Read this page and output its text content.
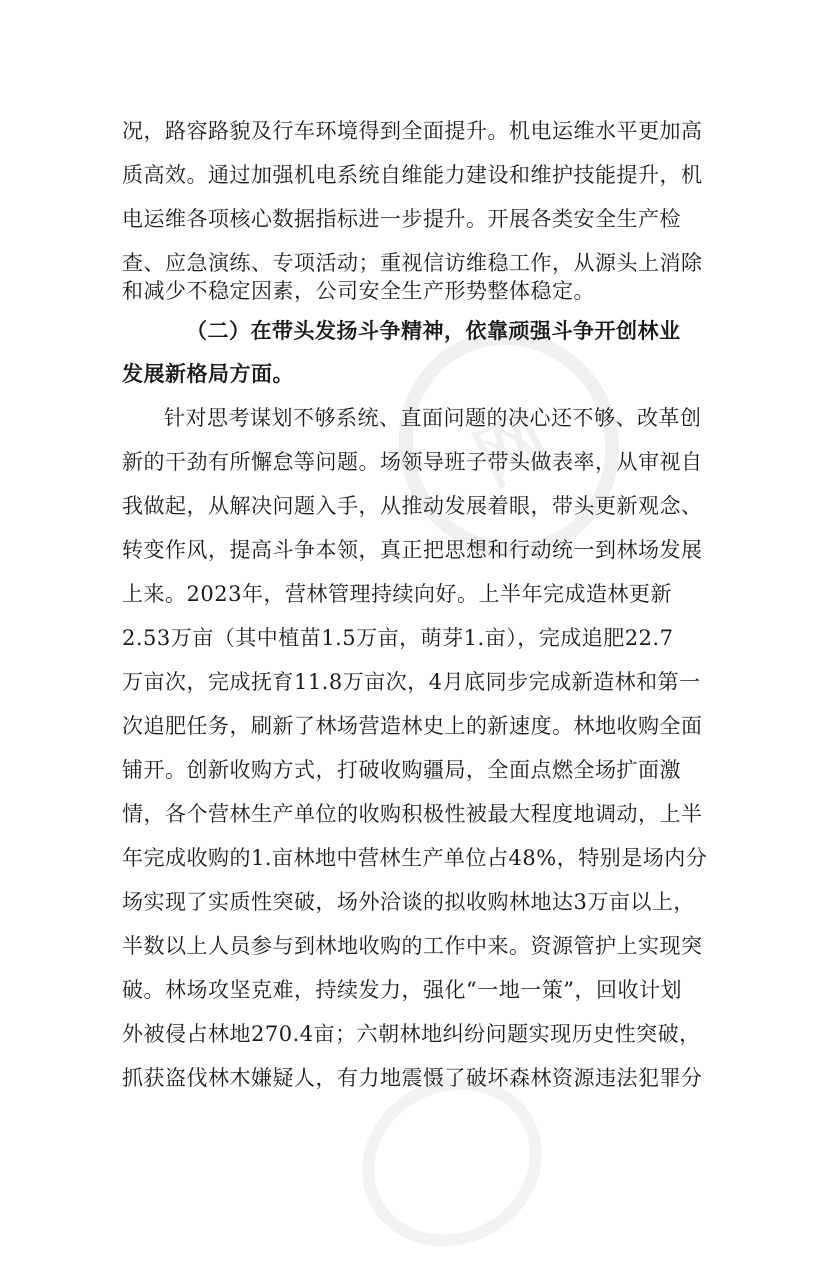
网
况，路容路貌及行车环境得到全面提升。机电运维水平更加高
质高效。通过加强机电系统自维能力建设和维护技能提升，机
电运维各项核心数据指标进一步提升。开展各类安全生产检
查、应急演练、专项活动；重视信访维稳工作，从源头上消除
和减少不稳定因素，公司安全生产形势整体稳定。
（二）在带头发扬斗争精神，依靠顽强斗争开创林业
发展新格局方面。
针对思考谋划不够系统、直面问题的决心还不够、改革创
新的干劲有所懈怠等问题。场领导班子带头做表率，从审视自
我做起，从解决问题入手，从推动发展着眼，带头更新观念、
转变作风，提高斗争本领，真正把思想和行动统一到林场发展
上来。2023年，营林管理持续向好。上半年完成造林更新
2.53万亩（其中植苗1.5万亩，萌芽1.亩），完成追肥22.7
万亩次，完成抚育11.8万亩次，4月底同步完成新造林和第一
次追肥任务，刷新了林场营造林史上的新速度。林地收购全面
铺开。创新收购方式，打破收购疆局，全面点燃全场扩面激
情，各个营林生产单位的收购积极性被最大程度地调动，上半
年完成收购的1.亩林地中营林生产单位占48%，特别是场内分
场实现了实质性突破，场外洽谈的拟收购林地达3万亩以上，
半数以上人员参与到林地收购的工作中来。资源管护上实现突
破。林场攻坚克难，持续发力，强化“一地一策”，回收计划
外被侵占林地270.4亩；六朝林地纠纷问题实现历史性突破，
抓获盗伐林木嫌疑人，有力地震慑了破坏森林资源违法犯罪分
